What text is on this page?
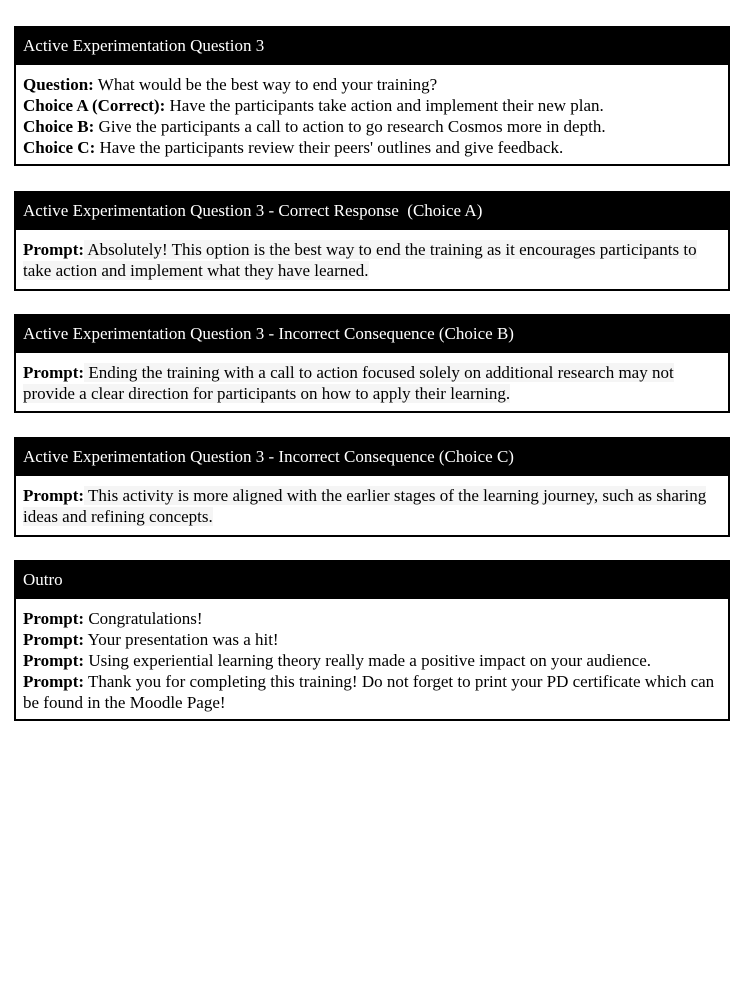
Active Experimentation Question 3
Question: What would be the best way to end your training?
Choice A (Correct): Have the participants take action and implement their new plan.
Choice B: Give the participants a call to action to go research Cosmos more in depth.
Choice C: Have the participants review their peers' outlines and give feedback.
Active Experimentation Question 3 - Correct Response  (Choice A)
Prompt: Absolutely! This option is the best way to end the training as it encourages participants to take action and implement what they have learned.
Active Experimentation Question 3 - Incorrect Consequence (Choice B)
Prompt: Ending the training with a call to action focused solely on additional research may not provide a clear direction for participants on how to apply their learning.
Active Experimentation Question 3 - Incorrect Consequence (Choice C)
Prompt: This activity is more aligned with the earlier stages of the learning journey, such as sharing ideas and refining concepts.
Outro
Prompt: Congratulations!
Prompt: Your presentation was a hit!
Prompt: Using experiential learning theory really made a positive impact on your audience.
Prompt: Thank you for completing this training! Do not forget to print your PD certificate which can be found in the Moodle Page!
